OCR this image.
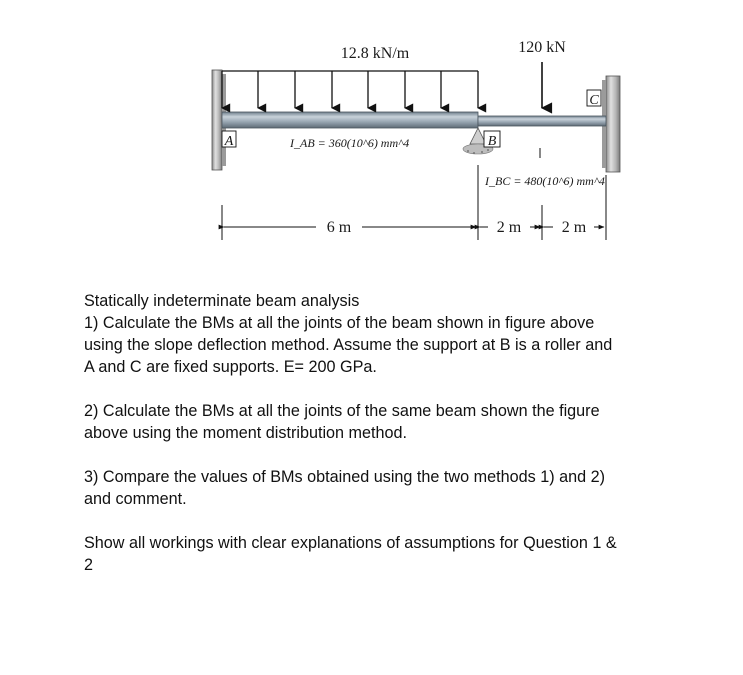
12.8 kN/m	120 kN
A	B
C
I_AB = 360(10^6) mm^4
I_BC = 480(10^6) mm^4
6 m	2 m	2 m

Statically indeterminate beam analysis

1) Calculate the BMs at all the joints of the beam shown in figure above

using the slope deflection method. Assume the support at B is a roller and

A and C are fixed supports. E= 200 GPa.

2) Calculate the BMs at all the joints of the same beam shown the figure

above using the moment distribution method.

3) Compare the values of BMs obtained using the two methods 1) and 2)

and comment.

Show all workings with clear explanations of assumptions for Question 1 &

2
